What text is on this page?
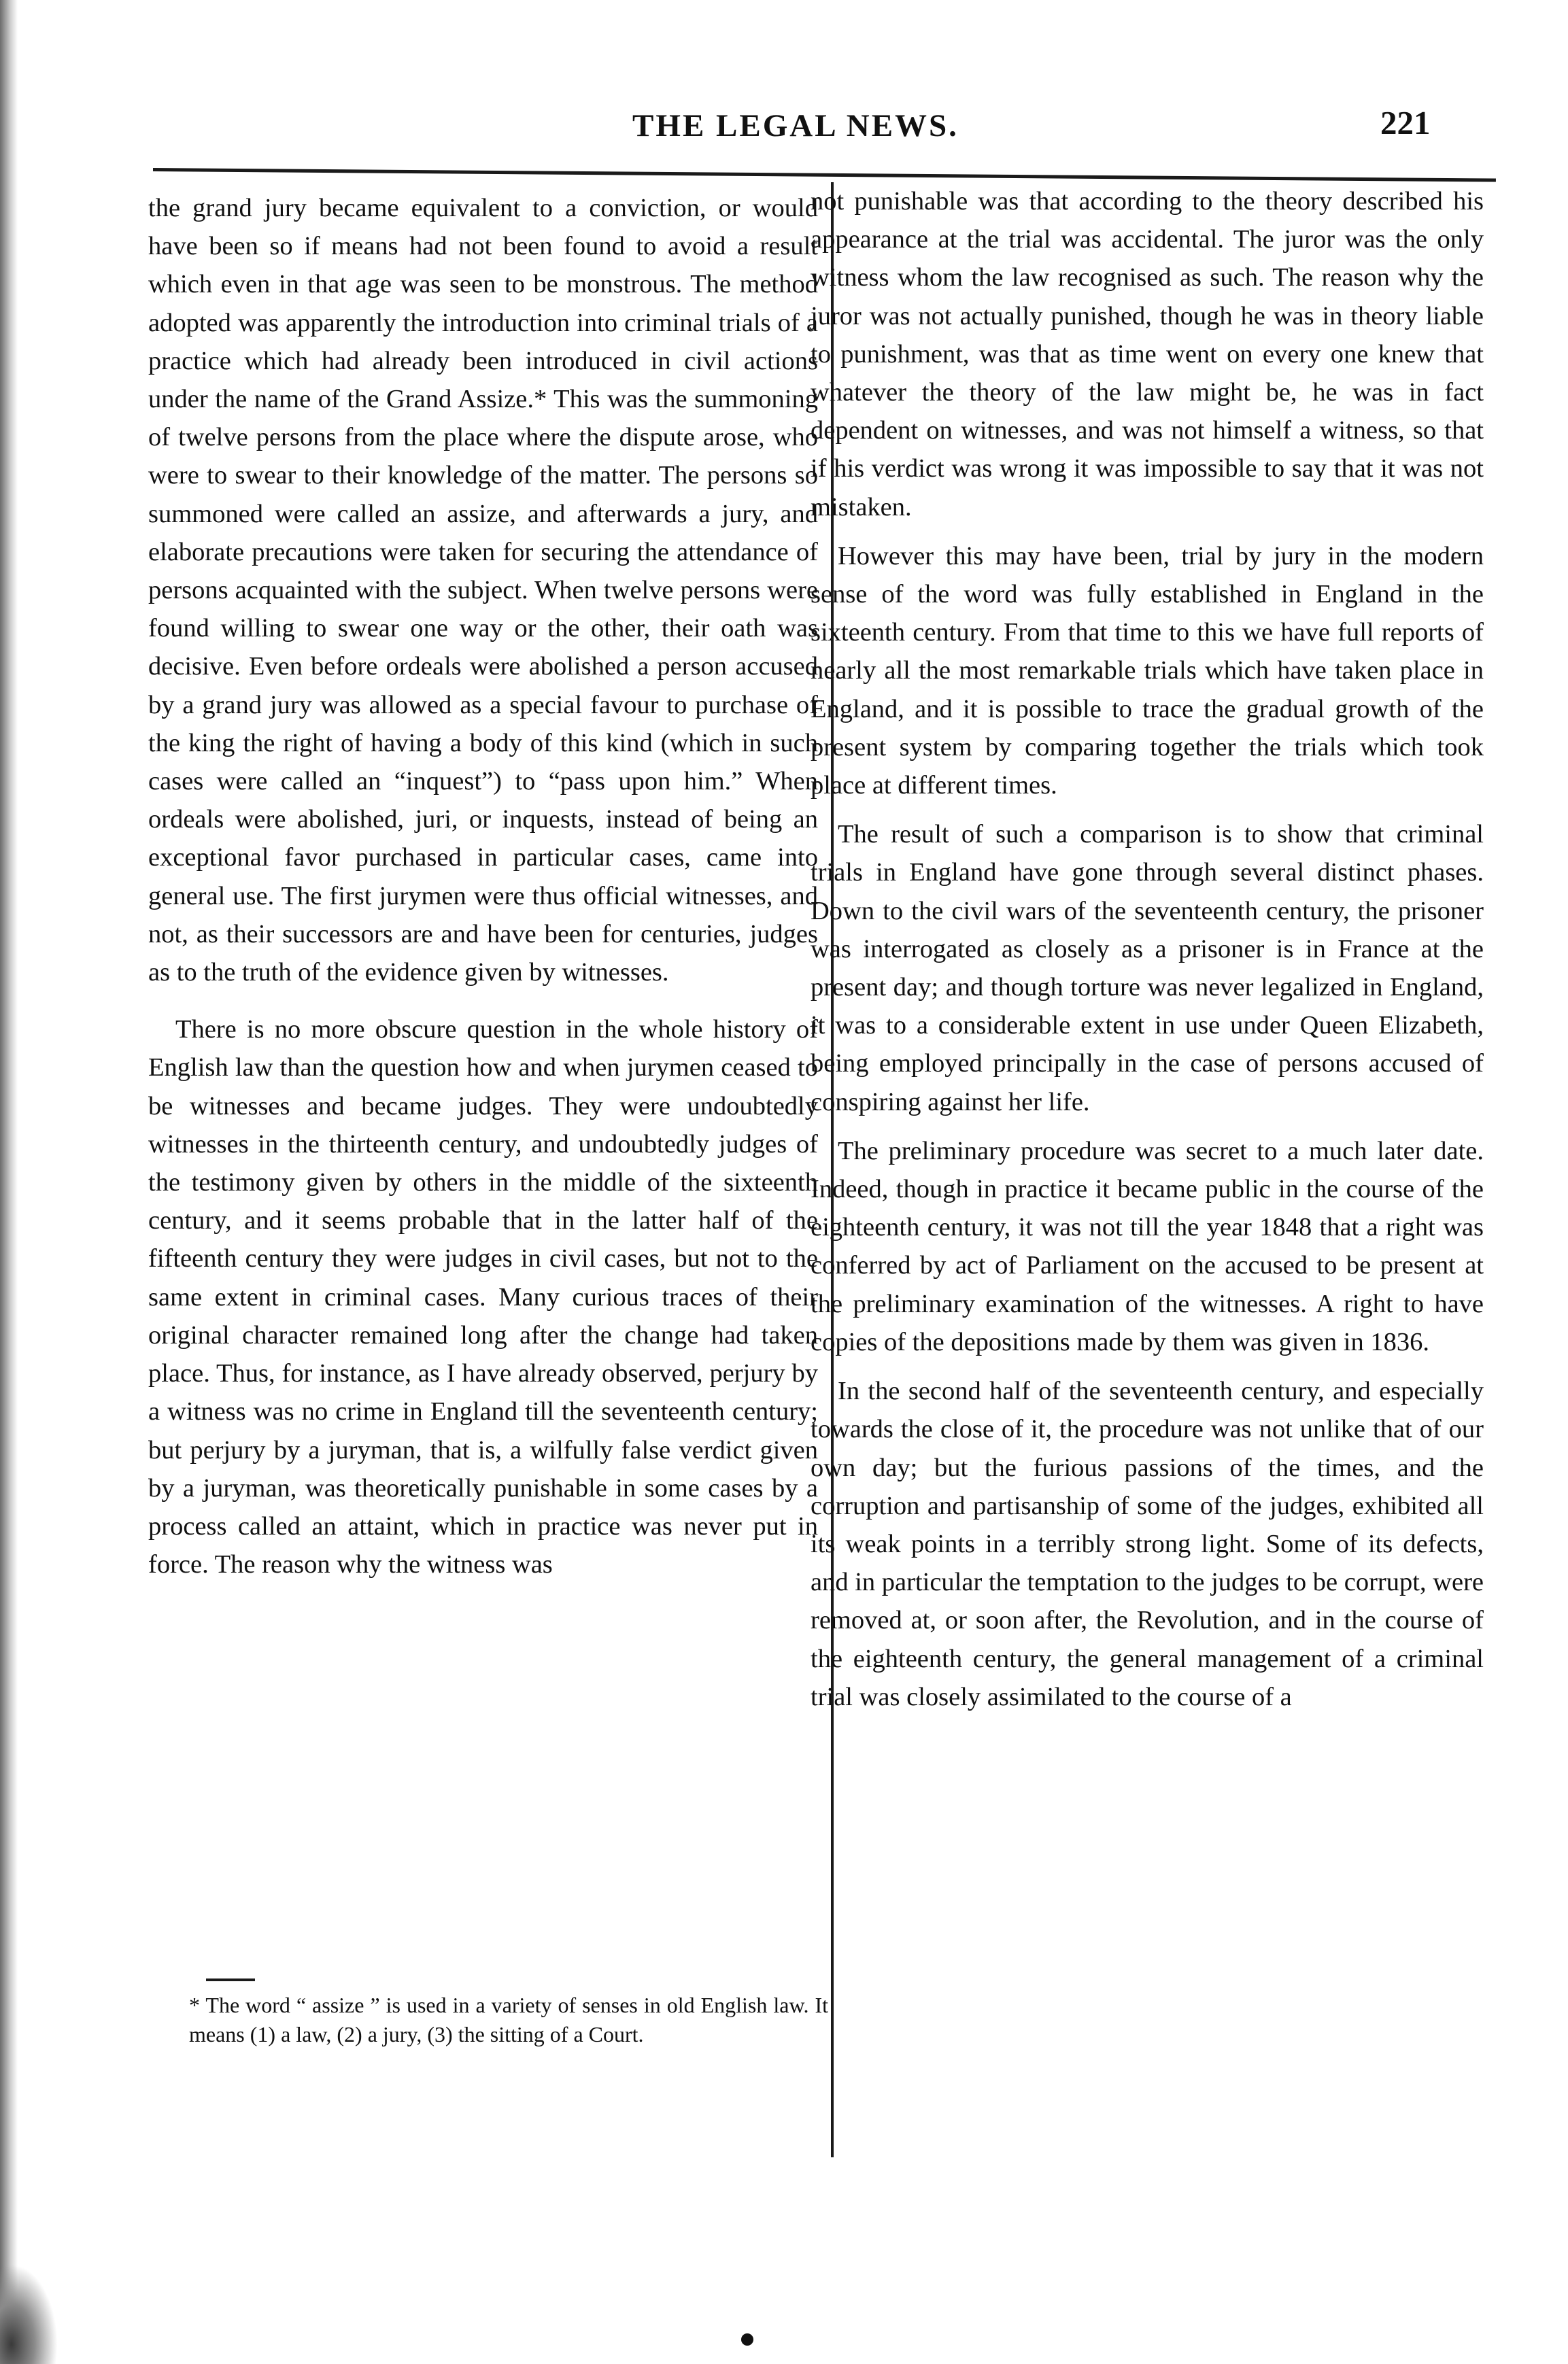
THE LEGAL NEWS.	221

the grand jury became equivalent to a conviction, or would have been so if means had not been found to avoid a result which even in that age was seen to be monstrous. The method adopted was apparently the introduction into criminal trials of a practice which had already been introduced in civil actions under the name of the Grand Assize.* This was the summoning of twelve persons from the place where the dispute arose, who were to swear to their knowledge of the matter. The persons so summoned were called an assize, and afterwards a jury, and elaborate precautions were taken for securing the attendance of persons acquainted with the subject. When twelve persons were found willing to swear one way or the other, their oath was decisive. Even before ordeals were abolished a person accused by a grand jury was allowed as a special favour to purchase of the king the right of having a body of this kind (which in such cases were called an “inquest”) to “pass upon him.” When ordeals were abolished, juri, or inquests, instead of being an exceptional favor purchased in particular cases, came into general use. The first jurymen were thus official witnesses, and not, as their successors are and have been for centuries, judges as to the truth of the evidence given by witnesses.

There is no more obscure question in the whole history of English law than the question how and when jurymen ceased to be witnesses and became judges. They were undoubtedly witnesses in the thirteenth century, and undoubtedly judges of the testimony given by others in the middle of the sixteenth century, and it seems probable that in the latter half of the fifteenth century they were judges in civil cases, but not to the same extent in criminal cases. Many curious traces of their original character remained long after the change had taken place. Thus, for instance, as I have already observed, perjury by a witness was no crime in England till the seventeenth century; but perjury by a juryman, that is, a wilfully false verdict given by a juryman, was theoretically punishable in some cases by a process called an attaint, which in practice was never put in force. The reason why the witness was

* The word “ assize ” is used in a variety of senses in old English law. It means (1) a law, (2) a jury, (3) the sitting of a Court.

not punishable was that according to the theory described his appearance at the trial was accidental. The juror was the only witness whom the law recognised as such. The reason why the juror was not actually punished, though he was in theory liable to punishment, was that as time went on every one knew that whatever the theory of the law might be, he was in fact dependent on witnesses, and was not himself a witness, so that if his verdict was wrong it was impossible to say that it was not mistaken.

However this may have been, trial by jury in the modern sense of the word was fully established in England in the sixteenth century. From that time to this we have full reports of nearly all the most remarkable trials which have taken place in England, and it is possible to trace the gradual growth of the present system by comparing together the trials which took place at different times.

The result of such a comparison is to show that criminal trials in England have gone through several distinct phases. Down to the civil wars of the seventeenth century, the prisoner was interrogated as closely as a prisoner is in France at the present day; and though torture was never legalized in England, it was to a considerable extent in use under Queen Elizabeth, being employed principally in the case of persons accused of conspiring against her life.

The preliminary procedure was secret to a much later date. Indeed, though in practice it became public in the course of the eighteenth century, it was not till the year 1848 that a right was conferred by act of Parliament on the accused to be present at the preliminary examination of the witnesses. A right to have copies of the depositions made by them was given in 1836.

In the second half of the seventeenth century, and especially towards the close of it, the procedure was not unlike that of our own day; but the furious passions of the times, and the corruption and partisanship of some of the judges, exhibited all its weak points in a terribly strong light. Some of its defects, and in particular the temptation to the judges to be corrupt, were removed at, or soon after, the Revolution, and in the course of the eighteenth century, the general management of a criminal trial was closely assimilated to the course of a
